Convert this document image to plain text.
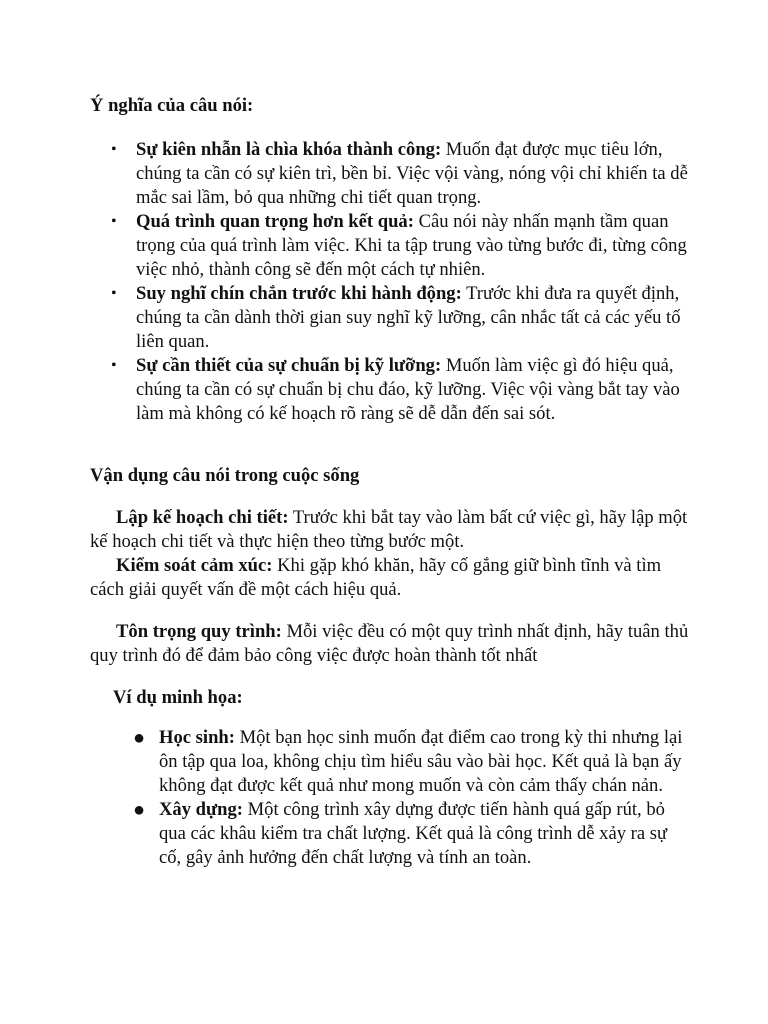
Ý nghĩa của câu nói:

• Sự kiên nhẫn là chìa khóa thành công: Muốn đạt được mục tiêu lớn, chúng ta cần có sự kiên trì, bền bỉ. Việc vội vàng, nóng vội chỉ khiến ta dễ mắc sai lầm, bỏ qua những chi tiết quan trọng.
• Quá trình quan trọng hơn kết quả: Câu nói này nhấn mạnh tầm quan trọng của quá trình làm việc. Khi ta tập trung vào từng bước đi, từng công việc nhỏ, thành công sẽ đến một cách tự nhiên.
• Suy nghĩ chín chắn trước khi hành động: Trước khi đưa ra quyết định, chúng ta cần dành thời gian suy nghĩ kỹ lưỡng, cân nhắc tất cả các yếu tố liên quan.
• Sự cần thiết của sự chuẩn bị kỹ lưỡng: Muốn làm việc gì đó hiệu quả, chúng ta cần có sự chuẩn bị chu đáo, kỹ lưỡng. Việc vội vàng bắt tay vào làm mà không có kế hoạch rõ ràng sẽ dễ dẫn đến sai sót.

Vận dụng câu nói trong cuộc sống

Lập kế hoạch chi tiết: Trước khi bắt tay vào làm bất cứ việc gì, hãy lập một kế hoạch chi tiết và thực hiện theo từng bước một.

Kiểm soát cảm xúc: Khi gặp khó khăn, hãy cố gắng giữ bình tĩnh và tìm cách giải quyết vấn đề một cách hiệu quả.

Tôn trọng quy trình: Mỗi việc đều có một quy trình nhất định, hãy tuân thủ quy trình đó để đảm bảo công việc được hoàn thành tốt nhất

Ví dụ minh họa:

● Học sinh: Một bạn học sinh muốn đạt điểm cao trong kỳ thi nhưng lại ôn tập qua loa, không chịu tìm hiểu sâu vào bài học. Kết quả là bạn ấy không đạt được kết quả như mong muốn và còn cảm thấy chán nản.
● Xây dựng: Một công trình xây dựng được tiến hành quá gấp rút, bỏ qua các khâu kiểm tra chất lượng. Kết quả là công trình dễ xảy ra sự cố, gây ảnh hưởng đến chất lượng và tính an toàn.
